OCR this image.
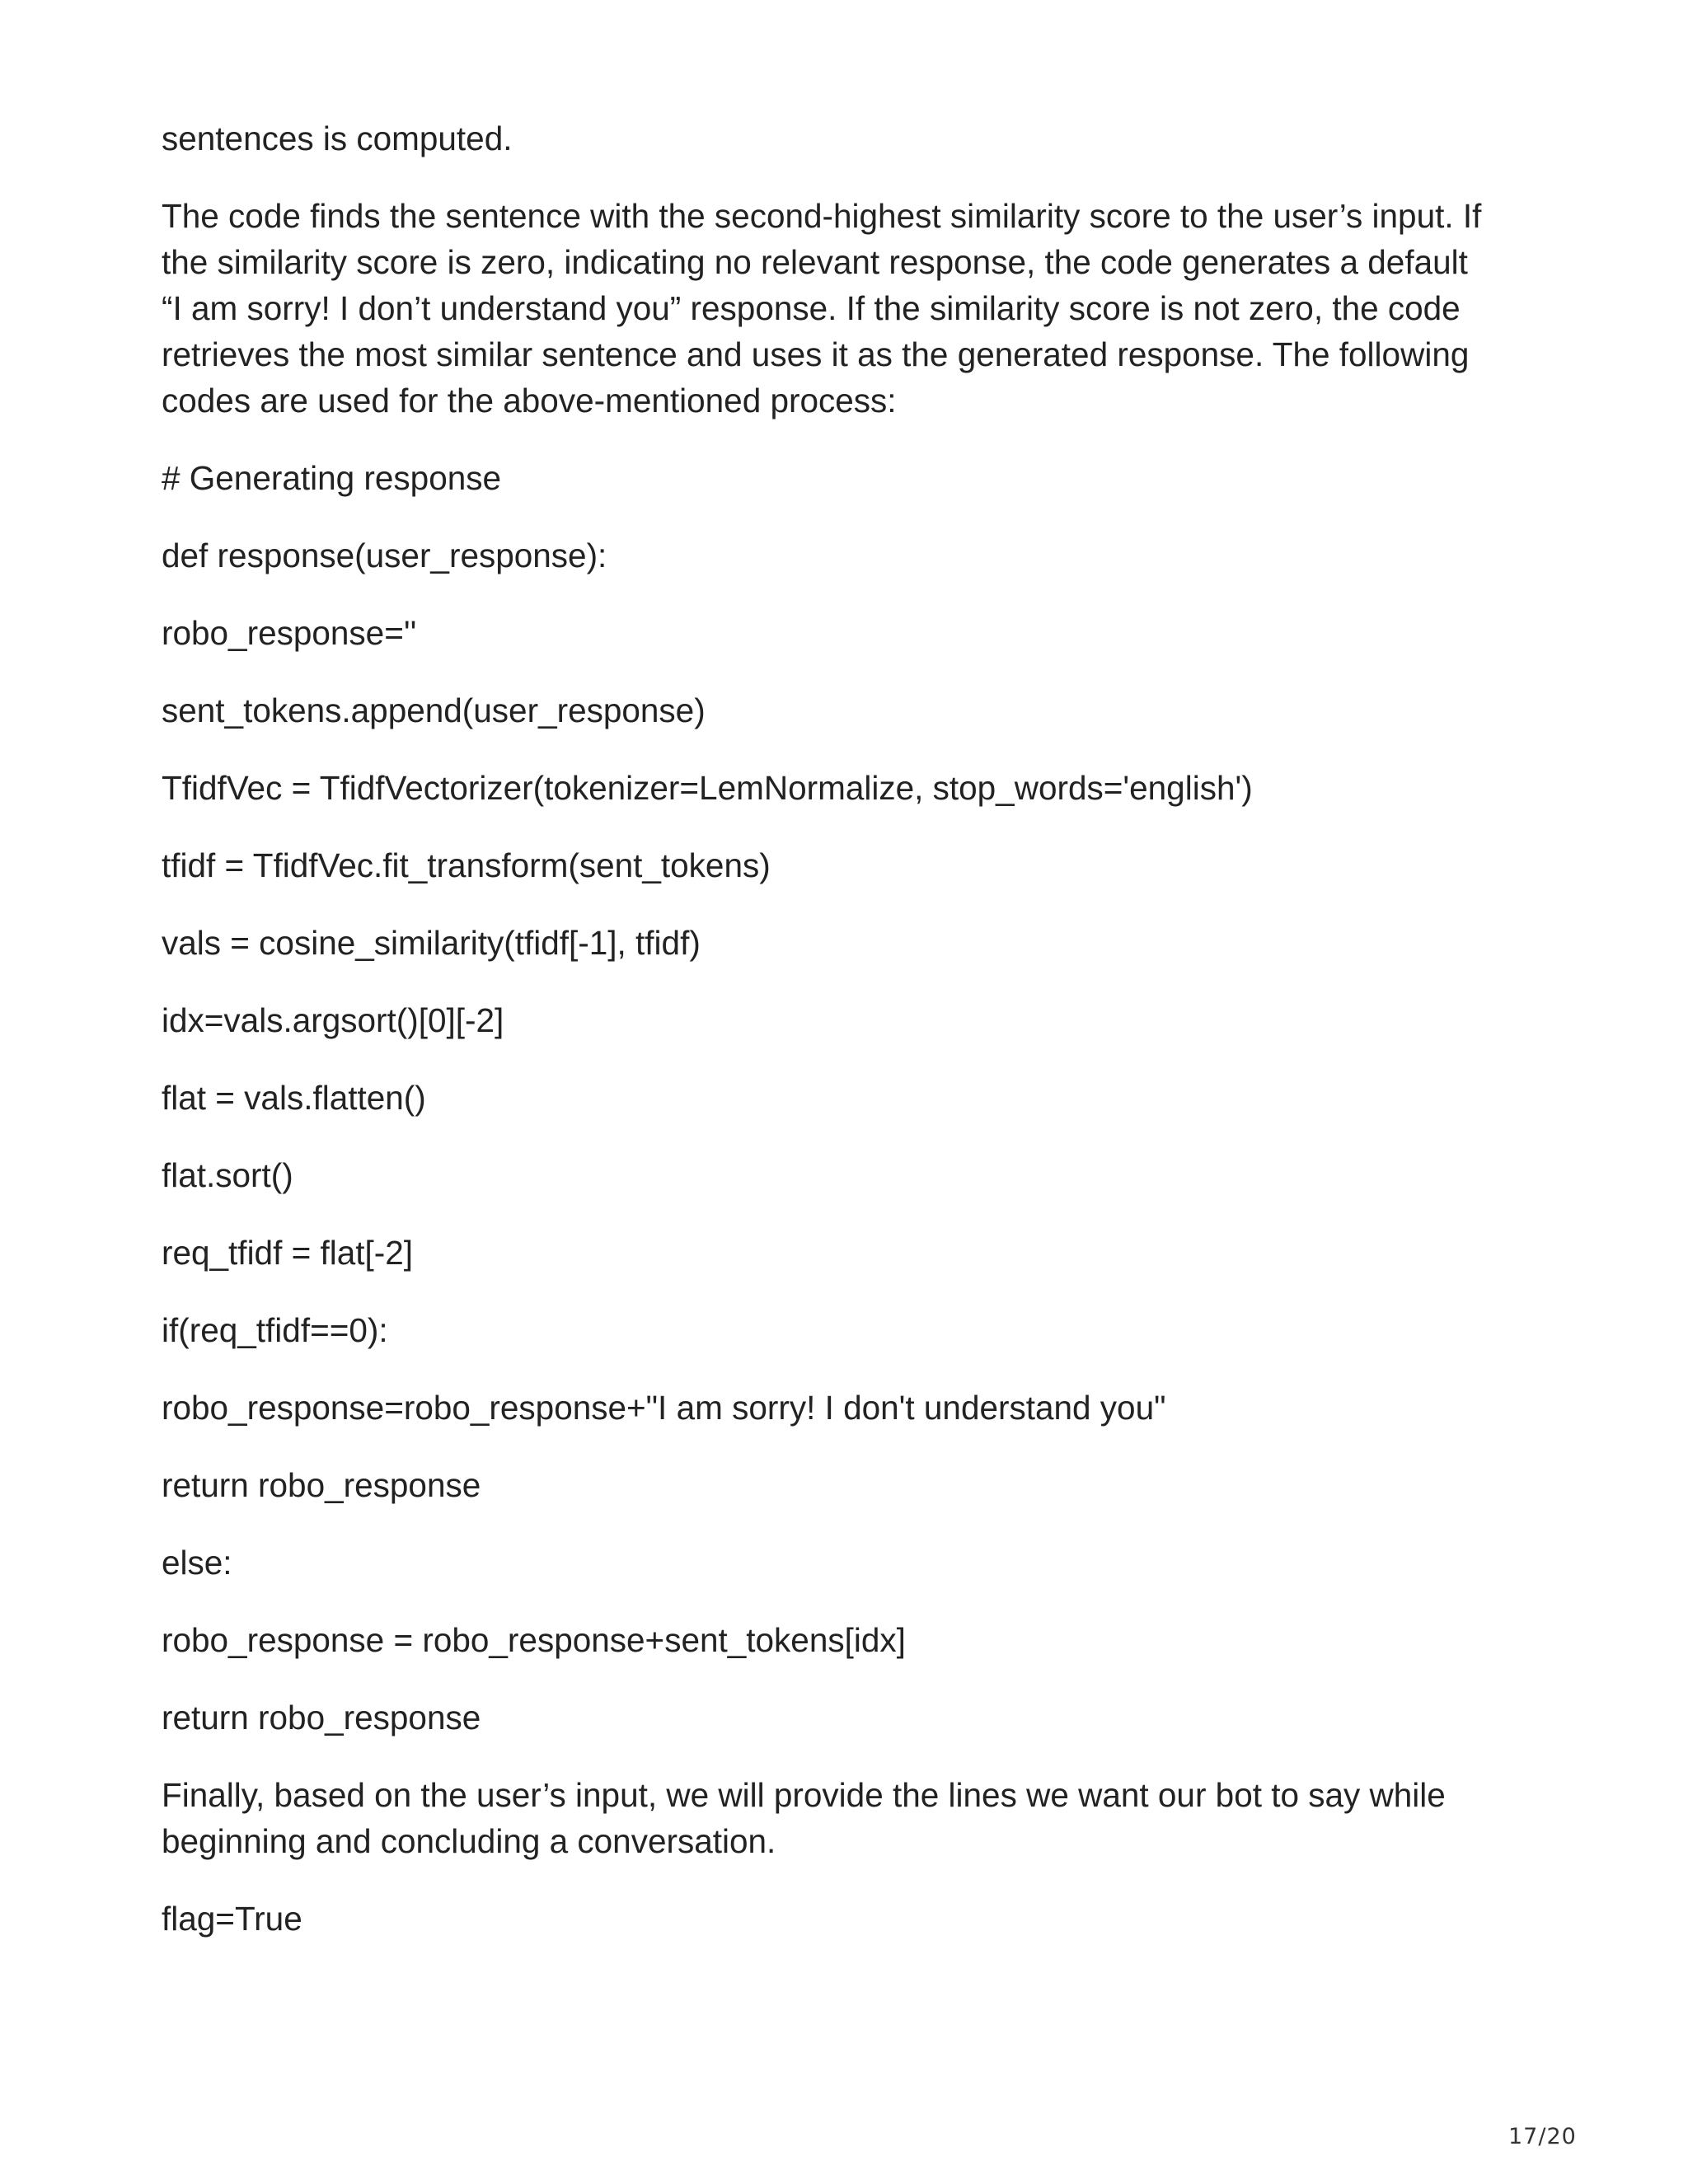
sentences is computed.

The code finds the sentence with the second-highest similarity score to the user’s input. If the similarity score is zero, indicating no relevant response, the code generates a default “I am sorry! I don’t understand you” response. If the similarity score is not zero, the code retrieves the most similar sentence and uses it as the generated response. The following codes are used for the above-mentioned process:

# Generating response

def response(user_response):

robo_response=''

sent_tokens.append(user_response)

TfidfVec = TfidfVectorizer(tokenizer=LemNormalize, stop_words='english')

tfidf = TfidfVec.fit_transform(sent_tokens)

vals = cosine_similarity(tfidf[-1], tfidf)

idx=vals.argsort()[0][-2]

flat = vals.flatten()

flat.sort()

req_tfidf = flat[-2]

if(req_tfidf==0):

robo_response=robo_response+"I am sorry! I don't understand you"

return robo_response

else:

robo_response = robo_response+sent_tokens[idx]

return robo_response

Finally, based on the user’s input, we will provide the lines we want our bot to say while beginning and concluding a conversation.

flag=True

17/20
